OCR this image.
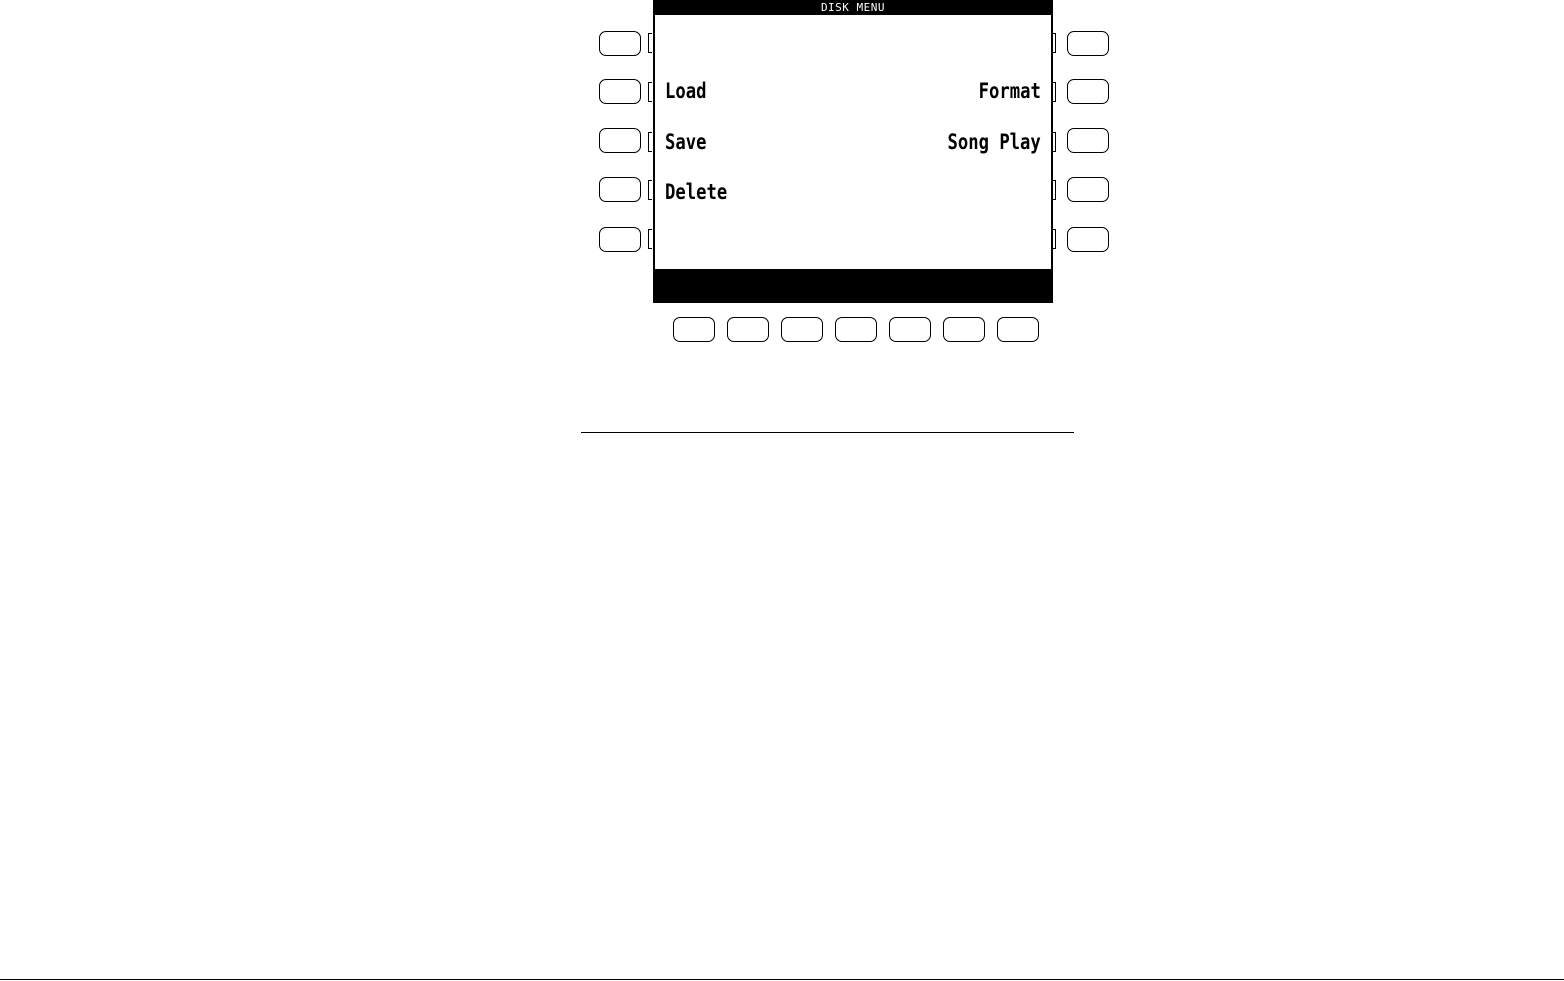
DISK MENU
Load
Save
Delete
Format
Song Play
